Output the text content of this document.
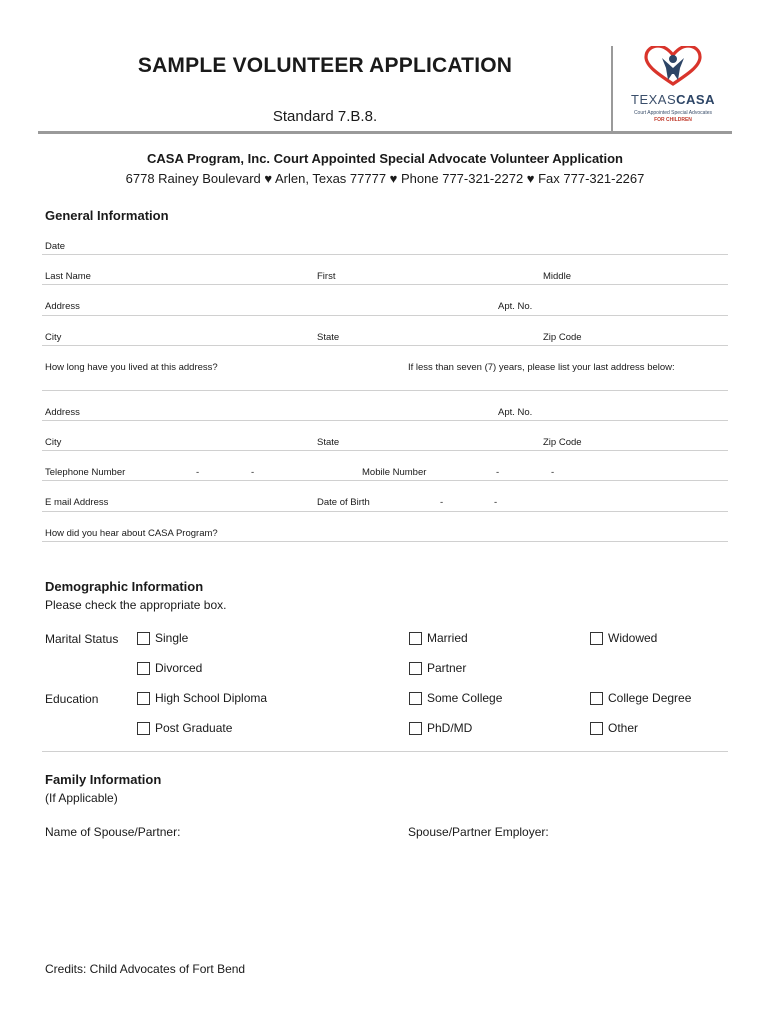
SAMPLE VOLUNTEER APPLICATION
Standard 7.B.8.
TEXASCASA
Court Appointed Special Advocates
FOR CHILDREN
CASA Program, Inc. Court Appointed Special Advocate Volunteer Application
6778 Rainey Boulevard ♥ Arlen, Texas 77777 ♥ Phone 777-321-2272 ♥ Fax 777-321-2267
General Information
Date
Last Name	First	Middle
Address	Apt. No.
City	State	Zip Code
How long have you lived at this address?	If less than seven (7) years, please list your last address below:
Address	Apt. No.
City	State	Zip Code
Telephone Number	-	-	Mobile Number	-	-
E mail Address	Date of Birth	-	-
How did you hear about CASA Program?
Demographic Information
Please check the appropriate box.
Marital Status	Single	Married	Widowed
Divorced	Partner
Education	High School Diploma	Some College	College Degree
Post Graduate	PhD/MD	Other
Family Information
(If Applicable)
Name of Spouse/Partner:	Spouse/Partner Employer:
Credits: Child Advocates of Fort Bend
